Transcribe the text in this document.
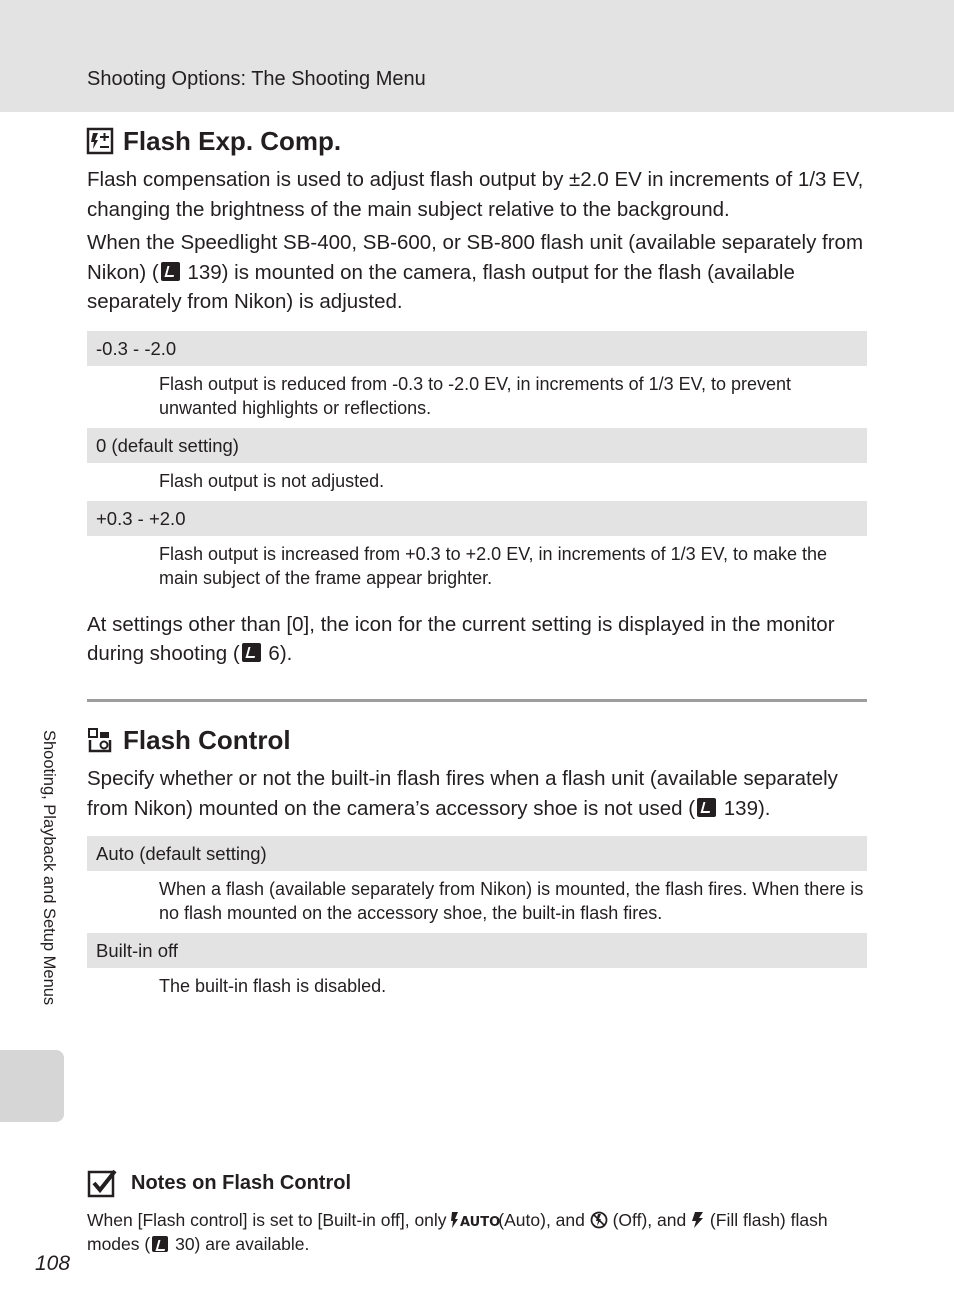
Shooting Options: The Shooting Menu
Flash Exp. Comp.

Flash compensation is used to adjust flash output by ±2.0 EV in increments of 1/3 EV, changing the brightness of the main subject relative to the background.

When the Speedlight SB-400, SB-600, or SB-800 flash unit (available separately from Nikon) ( 139) is mounted on the camera, flash output for the flash (available separately from Nikon) is adjusted.

-0.3 - -2.0
Flash output is reduced from -0.3 to -2.0 EV, in increments of 1/3 EV, to prevent unwanted highlights or reflections.
0 (default setting)
Flash output is not adjusted.
+0.3 - +2.0
Flash output is increased from +0.3 to +2.0 EV, in increments of 1/3 EV, to make the main subject of the frame appear brighter.

At settings other than [0], the icon for the current setting is displayed in the monitor during shooting ( 6).

Flash Control

Specify whether or not the built-in flash fires when a flash unit (available separately from Nikon) mounted on the camera’s accessory shoe is not used ( 139).

Auto (default setting)
When a flash (available separately from Nikon) is mounted, the flash fires. When there is no flash mounted on the accessory shoe, the built-in flash fires.
Built-in off
The built-in flash is disabled.
Shooting, Playback and Setup Menus
Notes on Flash Control
When [Flash control] is set to [Built-in off], only AUTO
(Auto), and  (Off), and  (Fill flash) flash modes ( 30) are available.
108
